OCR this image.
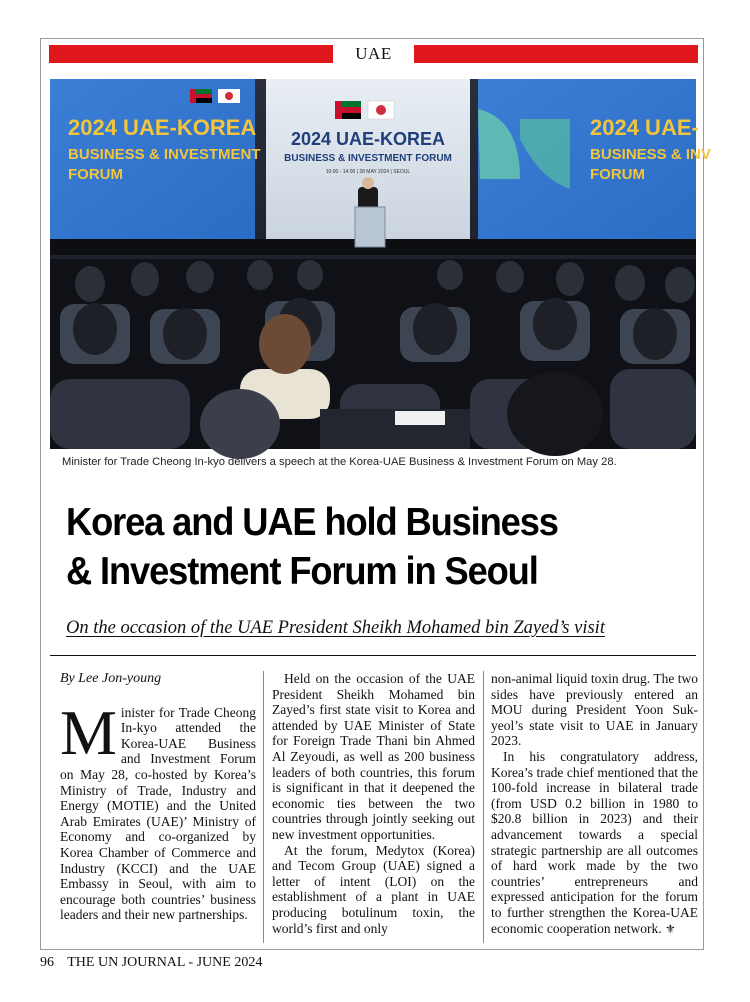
UAE
2024 UAE-KOREA
BUSINESS & INVESTMENT
FORUM
2024 UAE-KOREA
BUSINESS & INVESTMENT FORUM
10:00 - 14:00 | 28 MAY 2024 | SEOUL
2024 UAE-
BUSINESS & INV
FORUM
Minister for Trade Cheong In-kyo delivers a speech at the Korea-UAE Business & Investment Forum on May 28.
Korea and UAE hold Business
& Investment Forum in Seoul
On the occasion of the UAE President Sheikh Mohamed bin Zayed’s visit

By Lee Jon-young

Minister for Trade Cheong In-kyo attended the Korea-UAE Business and Investment Forum on May 28, co-hosted by Korea’s Ministry of Trade, Industry and Energy (MOTIE) and the United Arab Emirates (UAE)’ Ministry of Economy and co-organized by Korea Chamber of Commerce and Industry (KCCI) and the UAE Embassy in Seoul, with aim to encourage both countries’ business leaders and their new partnerships.

Held on the occasion of the UAE President Sheikh Mohamed bin Zayed’s first state visit to Korea and attended by UAE Minister of State for Foreign Trade Thani bin Ahmed Al Zeyoudi, as well as 200 business leaders of both countries, this forum is significant in that it deepened the economic ties between the two countries through jointly seeking out new investment opportunities.

At the forum, Medytox (Korea) and Tecom Group (UAE) signed a letter of intent (LOI) on the establishment of a plant in UAE producing botulinum toxin, the world’s first and only

non-animal liquid toxin drug. The two sides have previously entered an MOU during President Yoon Suk-yeol’s state visit to UAE in January 2023.

In his congratulatory address, Korea’s trade chief mentioned that the 100-fold increase in bilateral trade (from USD 0.2 billion in 1980 to $20.8 billion in 2023) and their advancement towards a special strategic partnership are all outcomes of hard work made by the two countries’ entrepreneurs and expressed anticipation for the forum to further strengthen the Korea-UAE economic cooperation network. ⚜

96 THE UN JOURNAL - JUNE 2024
